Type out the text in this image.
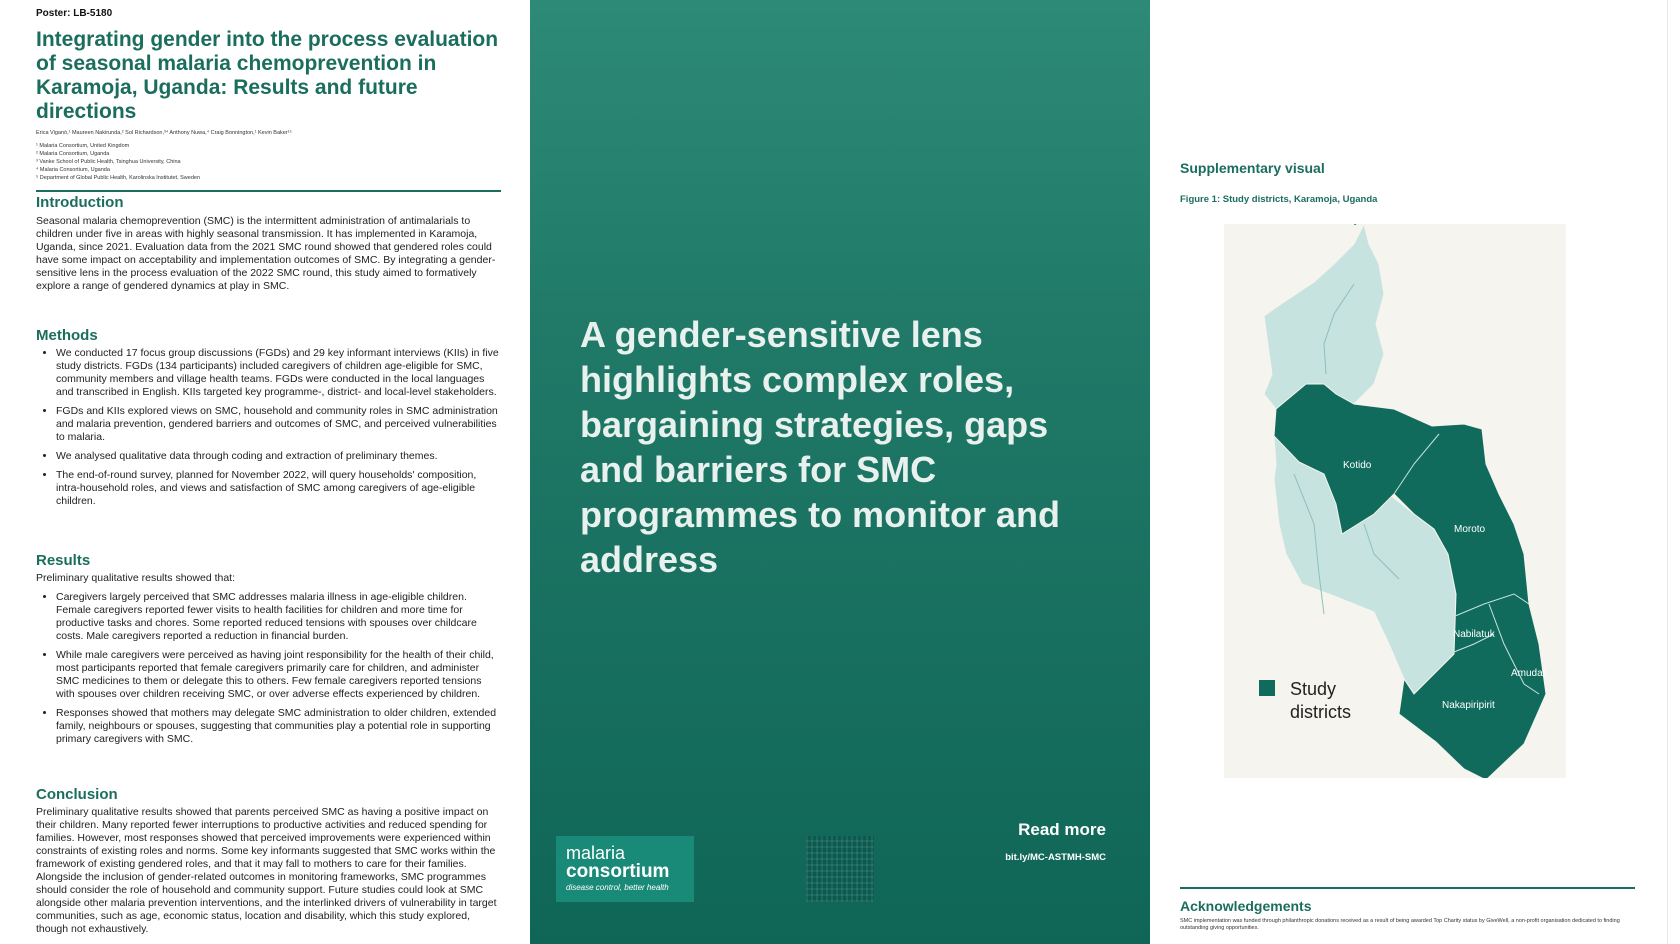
Poster: LB-5180
Integrating gender into the process evaluation of seasonal malaria chemoprevention in Karamoja, Uganda: Results and future directions
Erica Viganò,¹ Maureen Nakirunda,² Sol Richardson,³⁴ Anthony Nuwa,⁴ Craig Bonnington,¹ Kevin Baker¹⁵
¹ Malaria Consortium, United Kingdom
² Malaria Consortium, Uganda
³ Vanke School of Public Health, Tsinghua University, China
⁴ Malaria Consortium, Uganda
⁵ Department of Global Public Health, Karolinska Institutet, Sweden
Introduction
Seasonal malaria chemoprevention (SMC) is the intermittent administration of antimalarials to children under five in areas with highly seasonal transmission. It has implemented in Karamoja, Uganda, since 2021. Evaluation data from the 2021 SMC round showed that gendered roles could have some impact on acceptability and implementation outcomes of SMC. By integrating a gender-sensitive lens in the process evaluation of the 2022 SMC round, this study aimed to formatively explore a range of gendered dynamics at play in SMC.
Methods
• We conducted 17 focus group discussions (FGDs) and 29 key informant interviews (KIIs) in five study districts. FGDs (134 participants) included caregivers of children age-eligible for SMC, community members and village health teams. FGDs were conducted in the local languages and transcribed in English. KIIs targeted key programme-, district- and local-level stakeholders.
• FGDs and KIIs explored views on SMC, household and community roles in SMC administration and malaria prevention, gendered barriers and outcomes of SMC, and perceived vulnerabilities to malaria.
• We analysed qualitative data through coding and extraction of preliminary themes.
• The end-of-round survey, planned for November 2022, will query households' composition, intra-household roles, and views and satisfaction of SMC among caregivers of age-eligible children.
Results
Preliminary qualitative results showed that:
• Caregivers largely perceived that SMC addresses malaria illness in age-eligible children. Female caregivers reported fewer visits to health facilities for children and more time for productive tasks and chores. Some reported reduced tensions with spouses over childcare costs. Male caregivers reported a reduction in financial burden.
• While male caregivers were perceived as having joint responsibility for the health of their child, most participants reported that female caregivers primarily care for children, and administer SMC medicines to them or delegate this to others. Few female caregivers reported tensions with spouses over children receiving SMC, or over adverse effects experienced by children.
• Responses showed that mothers may delegate SMC administration to older children, extended family, neighbours or spouses, suggesting that communities play a potential role in supporting primary caregivers with SMC.
Conclusion
Preliminary qualitative results showed that parents perceived SMC as having a positive impact on their children. Many reported fewer interruptions to productive activities and reduced spending for families. However, most responses showed that perceived improvements were experienced within constraints of existing roles and norms. Some key informants suggested that SMC works within the framework of existing gendered roles, and that it may fall to mothers to care for their families. Alongside the inclusion of gender-related outcomes in monitoring frameworks, SMC programmes should consider the role of household and community support. Future studies could look at SMC alongside other malaria prevention interventions, and the interlinked drivers of vulnerability in target communities, such as age, economic status, location and disability, which this study explored, though not exhaustively.
A gender-sensitive lens highlights complex roles, bargaining strategies, gaps and barriers for SMC programmes to monitor and address
Read more
bit.ly/MC-ASTMH-SMC
malaria
consortium
disease control, better health
Supplementary visual
Figure 1: Study districts, Karamoja, Uganda
Kotido
Moroto
Nabilatuk
Amudat
Nakapiripirit
Study
districts
Acknowledgements
SMC implementation was funded through philanthropic donations received as a result of being awarded Top Charity status by GiveWell, a non-profit organisation dedicated to finding outstanding giving opportunities.
